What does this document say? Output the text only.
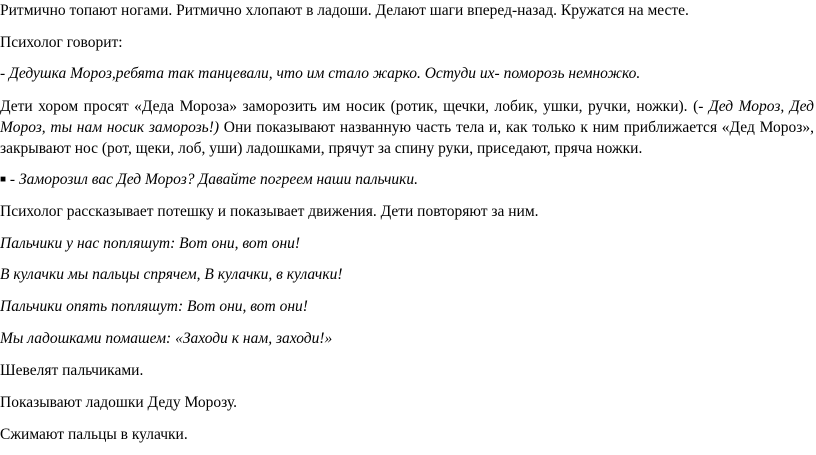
Ритмично топают ногами. Ритмично хлопают в ладоши. Делают шаги вперед-назад. Кружатся на месте.
Психолог говорит:
- Дедушка Мороз,ребята так танцевали, что им стало жарко. Остуди их- поморозь немножко.
Дети хором просят «Деда Мороза» заморозить им носик (ротик, щечки, лобик, ушки, ручки, ножки). (- Дед Мороз, Дед Мороз, ты нам носик заморозь!) Они показывают названную часть тела и, как только к ним приближается «Дед Мороз», закрывают нос (рот, щеки, лоб, уши) ладошками, прячут за спину руки, приседают, пряча ножки.
■ - Заморозил вас Дед Мороз? Давайте погреем наши пальчики.
Психолог рассказывает потешку и показывает движения. Дети повторяют за ним.
Пальчики у нас попляшут: Вот они, вот они!
В кулачки мы пальцы спрячем, В кулачки, в кулачки!
Пальчики опять попляшут: Вот они, вот они!
Мы ладошками помашем: «Заходи к нам, заходи!»
Шевелят пальчиками.
Показывают ладошки Деду Морозу.
Сжимают пальцы в кулачки.
